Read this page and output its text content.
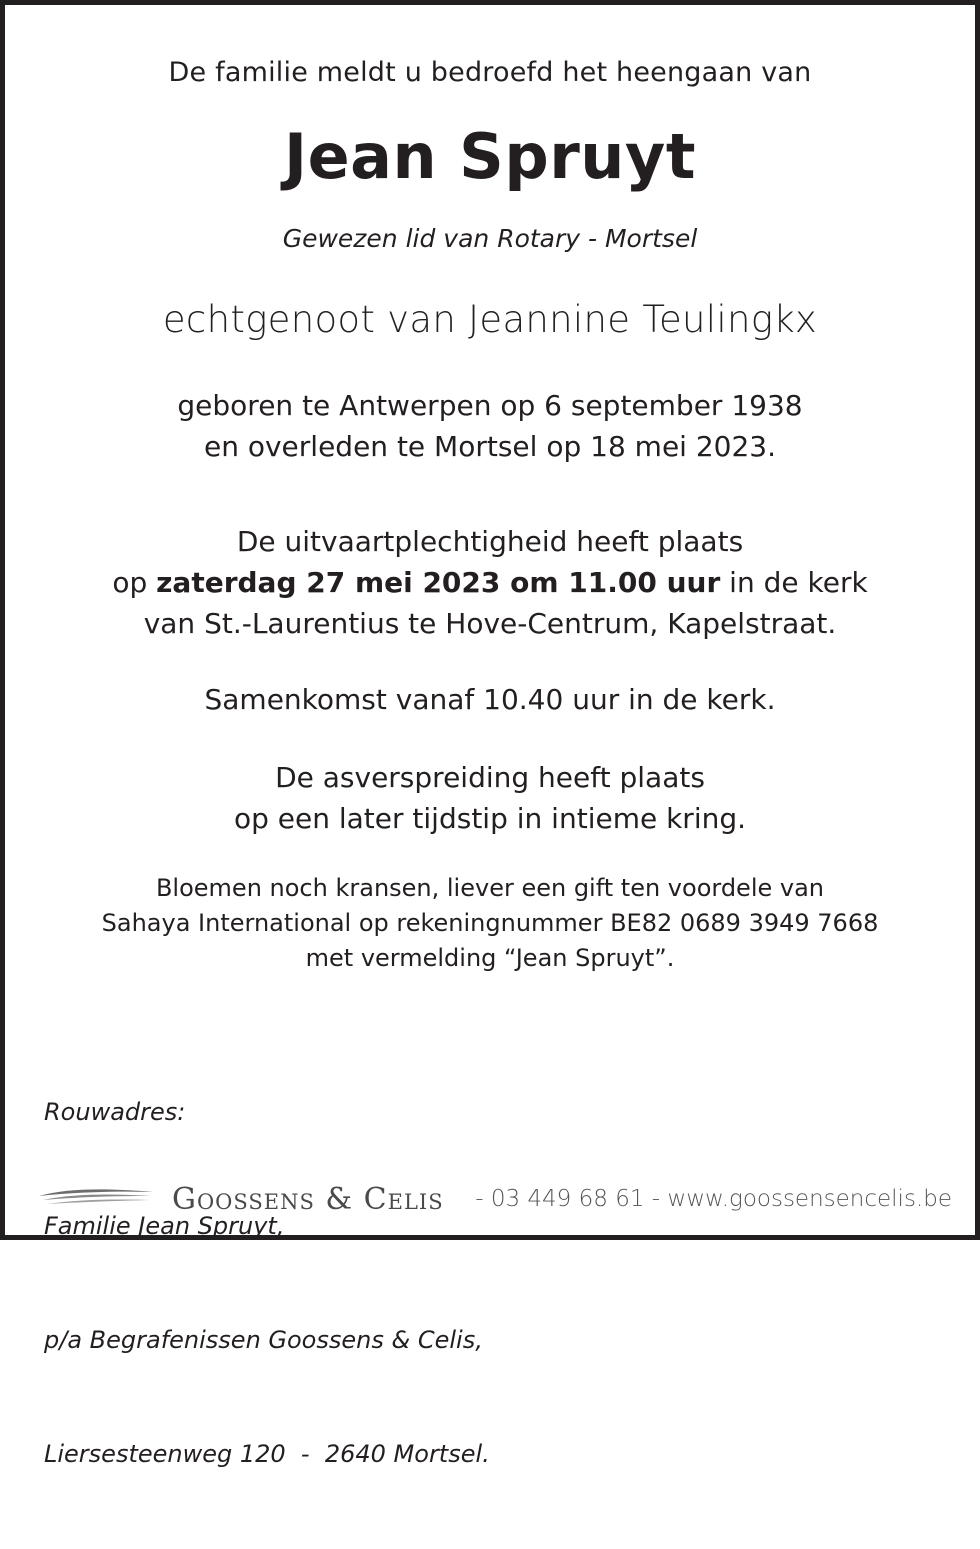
De familie meldt u bedroefd het heengaan van
Jean Spruyt
Gewezen lid van Rotary - Mortsel
echtgenoot van Jeannine Teulingkx
geboren te Antwerpen op 6 september 1938
en overleden te Mortsel op 18 mei 2023.
De uitvaartplechtigheid heeft plaats
op zaterdag 27 mei 2023 om 11.00 uur in de kerk
van St.-Laurentius te Hove-Centrum, Kapelstraat.
Samenkomst vanaf 10.40 uur in de kerk.
De asverspreiding heeft plaats
op een later tijdstip in intieme kring.
Bloemen noch kransen, liever een gift ten voordele van
Sahaya International op rekeningnummer BE82 0689 3949 7668
met vermelding “Jean Spruyt”.

Rouwadres:

Familie Jean Spruyt,

p/a Begrafenissen Goossens & Celis,

Liersesteenweg 120  -  2640 Mortsel.

Goossens & Celis - 03 449 68 61 - www.goossensencelis.be
